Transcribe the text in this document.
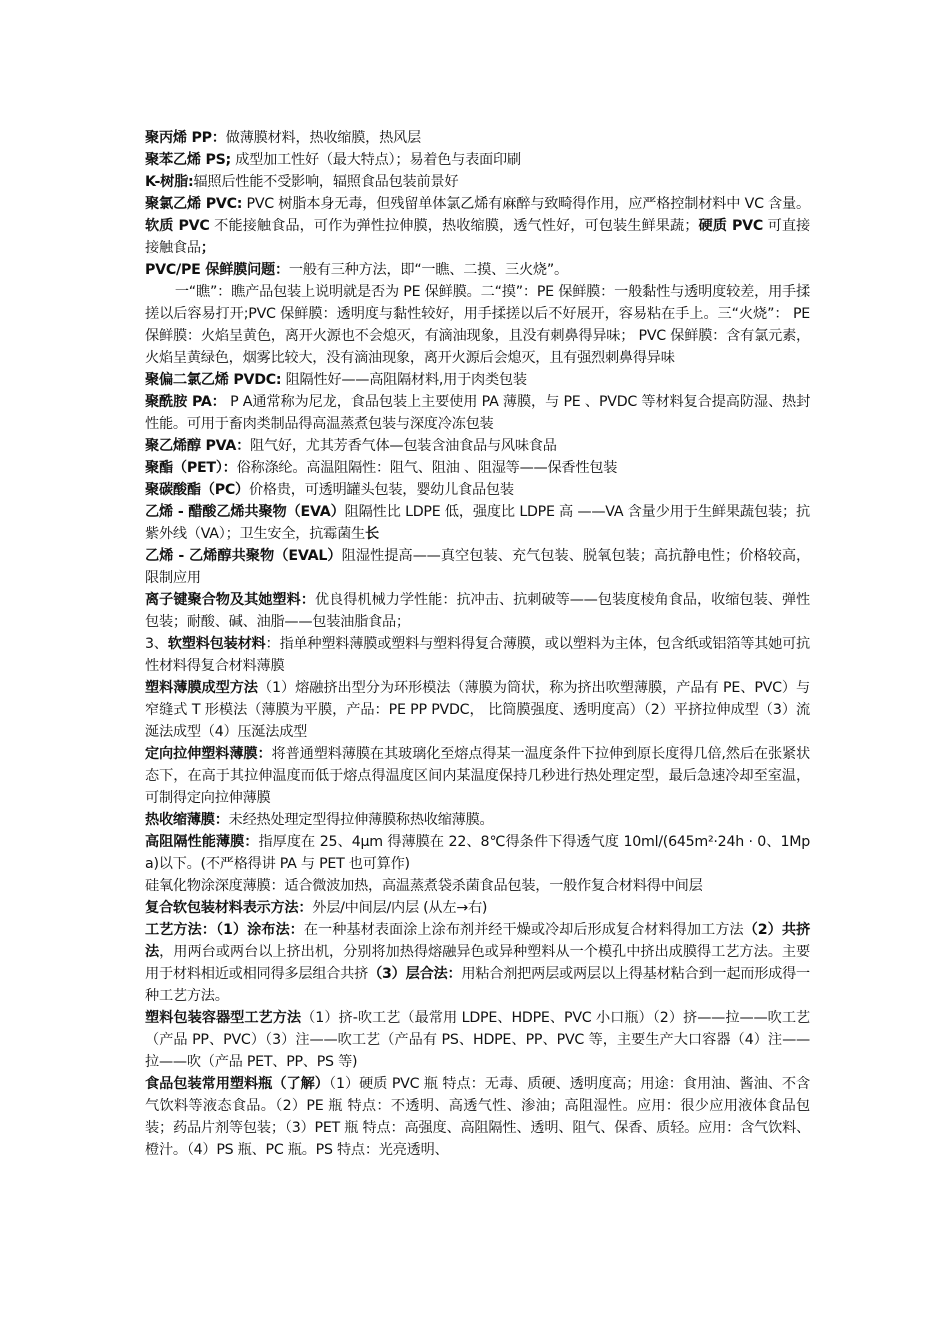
聚丙烯 PP：做薄膜材料，热收缩膜，热风层

聚苯乙烯 PS; 成型加工性好（最大特点）；易着色与表面印刷

K-树脂:辐照后性能不受影响，辐照食品包装前景好

聚氯乙烯 PVC: PVC 树脂本身无毒，但残留单体氯乙烯有麻醉与致畸得作用，应严格控制材料中 VC 含量。软质 PVC 不能接触食品，可作为弹性拉伸膜，热收缩膜，透气性好，可包装生鲜果蔬；硬质 PVC 可直接接触食品；

PVC/PE 保鲜膜问题：一般有三种方法，即“一瞧、二摸、三火烧”。

一“瞧”：瞧产品包装上说明就是否为 PE 保鲜膜。二“摸”：PE 保鲜膜：一般黏性与透明度较差，用手揉搓以后容易打开;PVC 保鲜膜：透明度与黏性较好，用手揉搓以后不好展开，容易粘在手上。三“火烧”： PE 保鲜膜：火焰呈黄色，离开火源也不会熄灭，有滴油现象，且没有刺鼻得异味； PVC 保鲜膜：含有氯元素，火焰呈黄绿色，烟雾比较大，没有滴油现象，离开火源后会熄灭，且有强烈刺鼻得异味

聚偏二氯乙烯 PVDC: 阻隔性好——高阻隔材料,用于肉类包装

聚酰胺 PA： P A通常称为尼龙，食品包装上主要使用 PA 薄膜，与 PE 、PVDC 等材料复合提高防湿、热封性能。可用于畜肉类制品得高温蒸煮包装与深度冷冻包装

聚乙烯醇 PVA：阻气好，尤其芳香气体—包装含油食品与风味食品

聚酯（PET）：俗称涤纶。高温阻隔性：阻气、阻油 、阻湿等——保香性包装

聚碳酸酯（PC）价格贵，可透明罐头包装，婴幼儿食品包装

乙烯 - 醋酸乙烯共聚物（EVA）阻隔性比 LDPE 低，强度比 LDPE 高 ——VA 含量少用于生鲜果蔬包装；抗紫外线（VA）；卫生安全，抗霉菌生长

乙烯 - 乙烯醇共聚物（EVAL）阻湿性提高——真空包装、充气包装、脱氧包装；高抗静电性；价格较高，限制应用

离子键聚合物及其她塑料：优良得机械力学性能：抗冲击、抗刺破等——包装度棱角食品，收缩包装、弹性包装；耐酸、碱、油脂——包装油脂食品；

3、软塑料包装材料：指单种塑料薄膜或塑料与塑料得复合薄膜，或以塑料为主体，包含纸或铝箔等其她可抗性材料得复合材料薄膜

塑料薄膜成型方法（1）熔融挤出型分为环形模法（薄膜为筒状，称为挤出吹塑薄膜，产品有 PE、PVC）与窄缝式 T 形模法（薄膜为平膜，产品：PE PP PVDC， 比筒膜强度、透明度高）（2）平挤拉伸成型（3）流涎法成型（4）压涎法成型

定向拉伸塑料薄膜：将普通塑料薄膜在其玻璃化至熔点得某一温度条件下拉伸到原长度得几倍,然后在张紧状态下，在高于其拉伸温度而低于熔点得温度区间内某温度保持几秒进行热处理定型，最后急速冷却至室温，可制得定向拉伸薄膜

热收缩薄膜：未经热处理定型得拉伸薄膜称热收缩薄膜。

高阻隔性能薄膜：指厚度在 25、4μm 得薄膜在 22、8℃得条件下得透气度 10ml/(645m²·24h · 0、1Mpa)以下。(不严格得讲 PA 与 PET 也可算作)

硅氧化物涂深度薄膜：适合微波加热，高温蒸煮袋杀菌食品包装，一般作复合材料得中间层

复合软包装材料表示方法：外层/中间层/内层 (从左→右)

工艺方法：（1）涂布法：在一种基材表面涂上涂布剂并经干燥或冷却后形成复合材料得加工方法（2）共挤法，用两台或两台以上挤出机，分别将加热得熔融异色或异种塑料从一个模孔中挤出成膜得工艺方法。主要用于材料相近或相同得多层组合共挤（3）层合法：用粘合剂把两层或两层以上得基材粘合到一起而形成得一种工艺方法。

塑料包装容器型工艺方法（1）挤-吹工艺（最常用 LDPE、HDPE、PVC 小口瓶）（2）挤——拉——吹工艺（产品 PP、PVC）（3）注——吹工艺（产品有 PS、HDPE、PP、PVC 等，主要生产大口容器（4）注——拉——吹（产品 PET、PP、PS 等)

食品包装常用塑料瓶（了解）（1）硬质 PVC 瓶 特点：无毒、质硬、透明度高；用途：食用油、酱油、不含气饮料等液态食品。（2）PE 瓶 特点：不透明、高透气性、渗油；高阻湿性。应用：很少应用液体食品包装；药品片剂等包装；（3）PET 瓶 特点：高强度、高阻隔性、透明、阻气、保香、质轻。应用：含气饮料、橙汁。（4）PS 瓶、PC 瓶。PS 特点：光亮透明、
